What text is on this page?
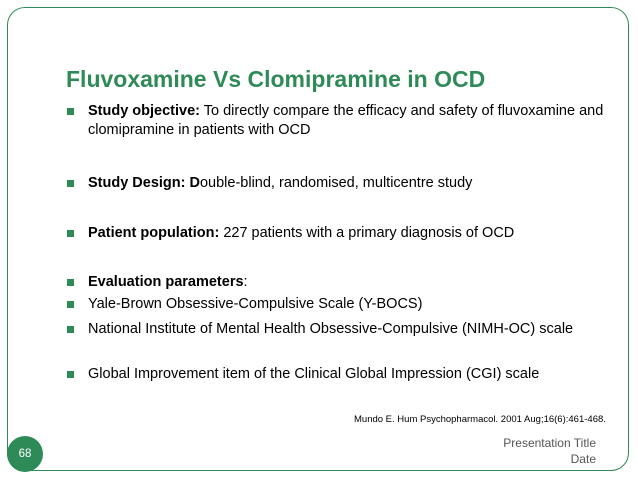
Fluvoxamine Vs Clomipramine in OCD
Study objective: To directly compare the efficacy and safety of fluvoxamine and clomipramine in patients with OCD
Study Design: Double-blind, randomised, multicentre study
Patient population: 227 patients with a primary diagnosis of OCD
Evaluation parameters:
Yale-Brown Obsessive-Compulsive Scale (Y-BOCS)
National Institute of Mental Health Obsessive-Compulsive (NIMH-OC) scale
Global Improvement item of the Clinical Global Impression (CGI) scale
Mundo E. Hum Psychopharmacol. 2001 Aug;16(6):461-468.
Presentation Title
Date
68
